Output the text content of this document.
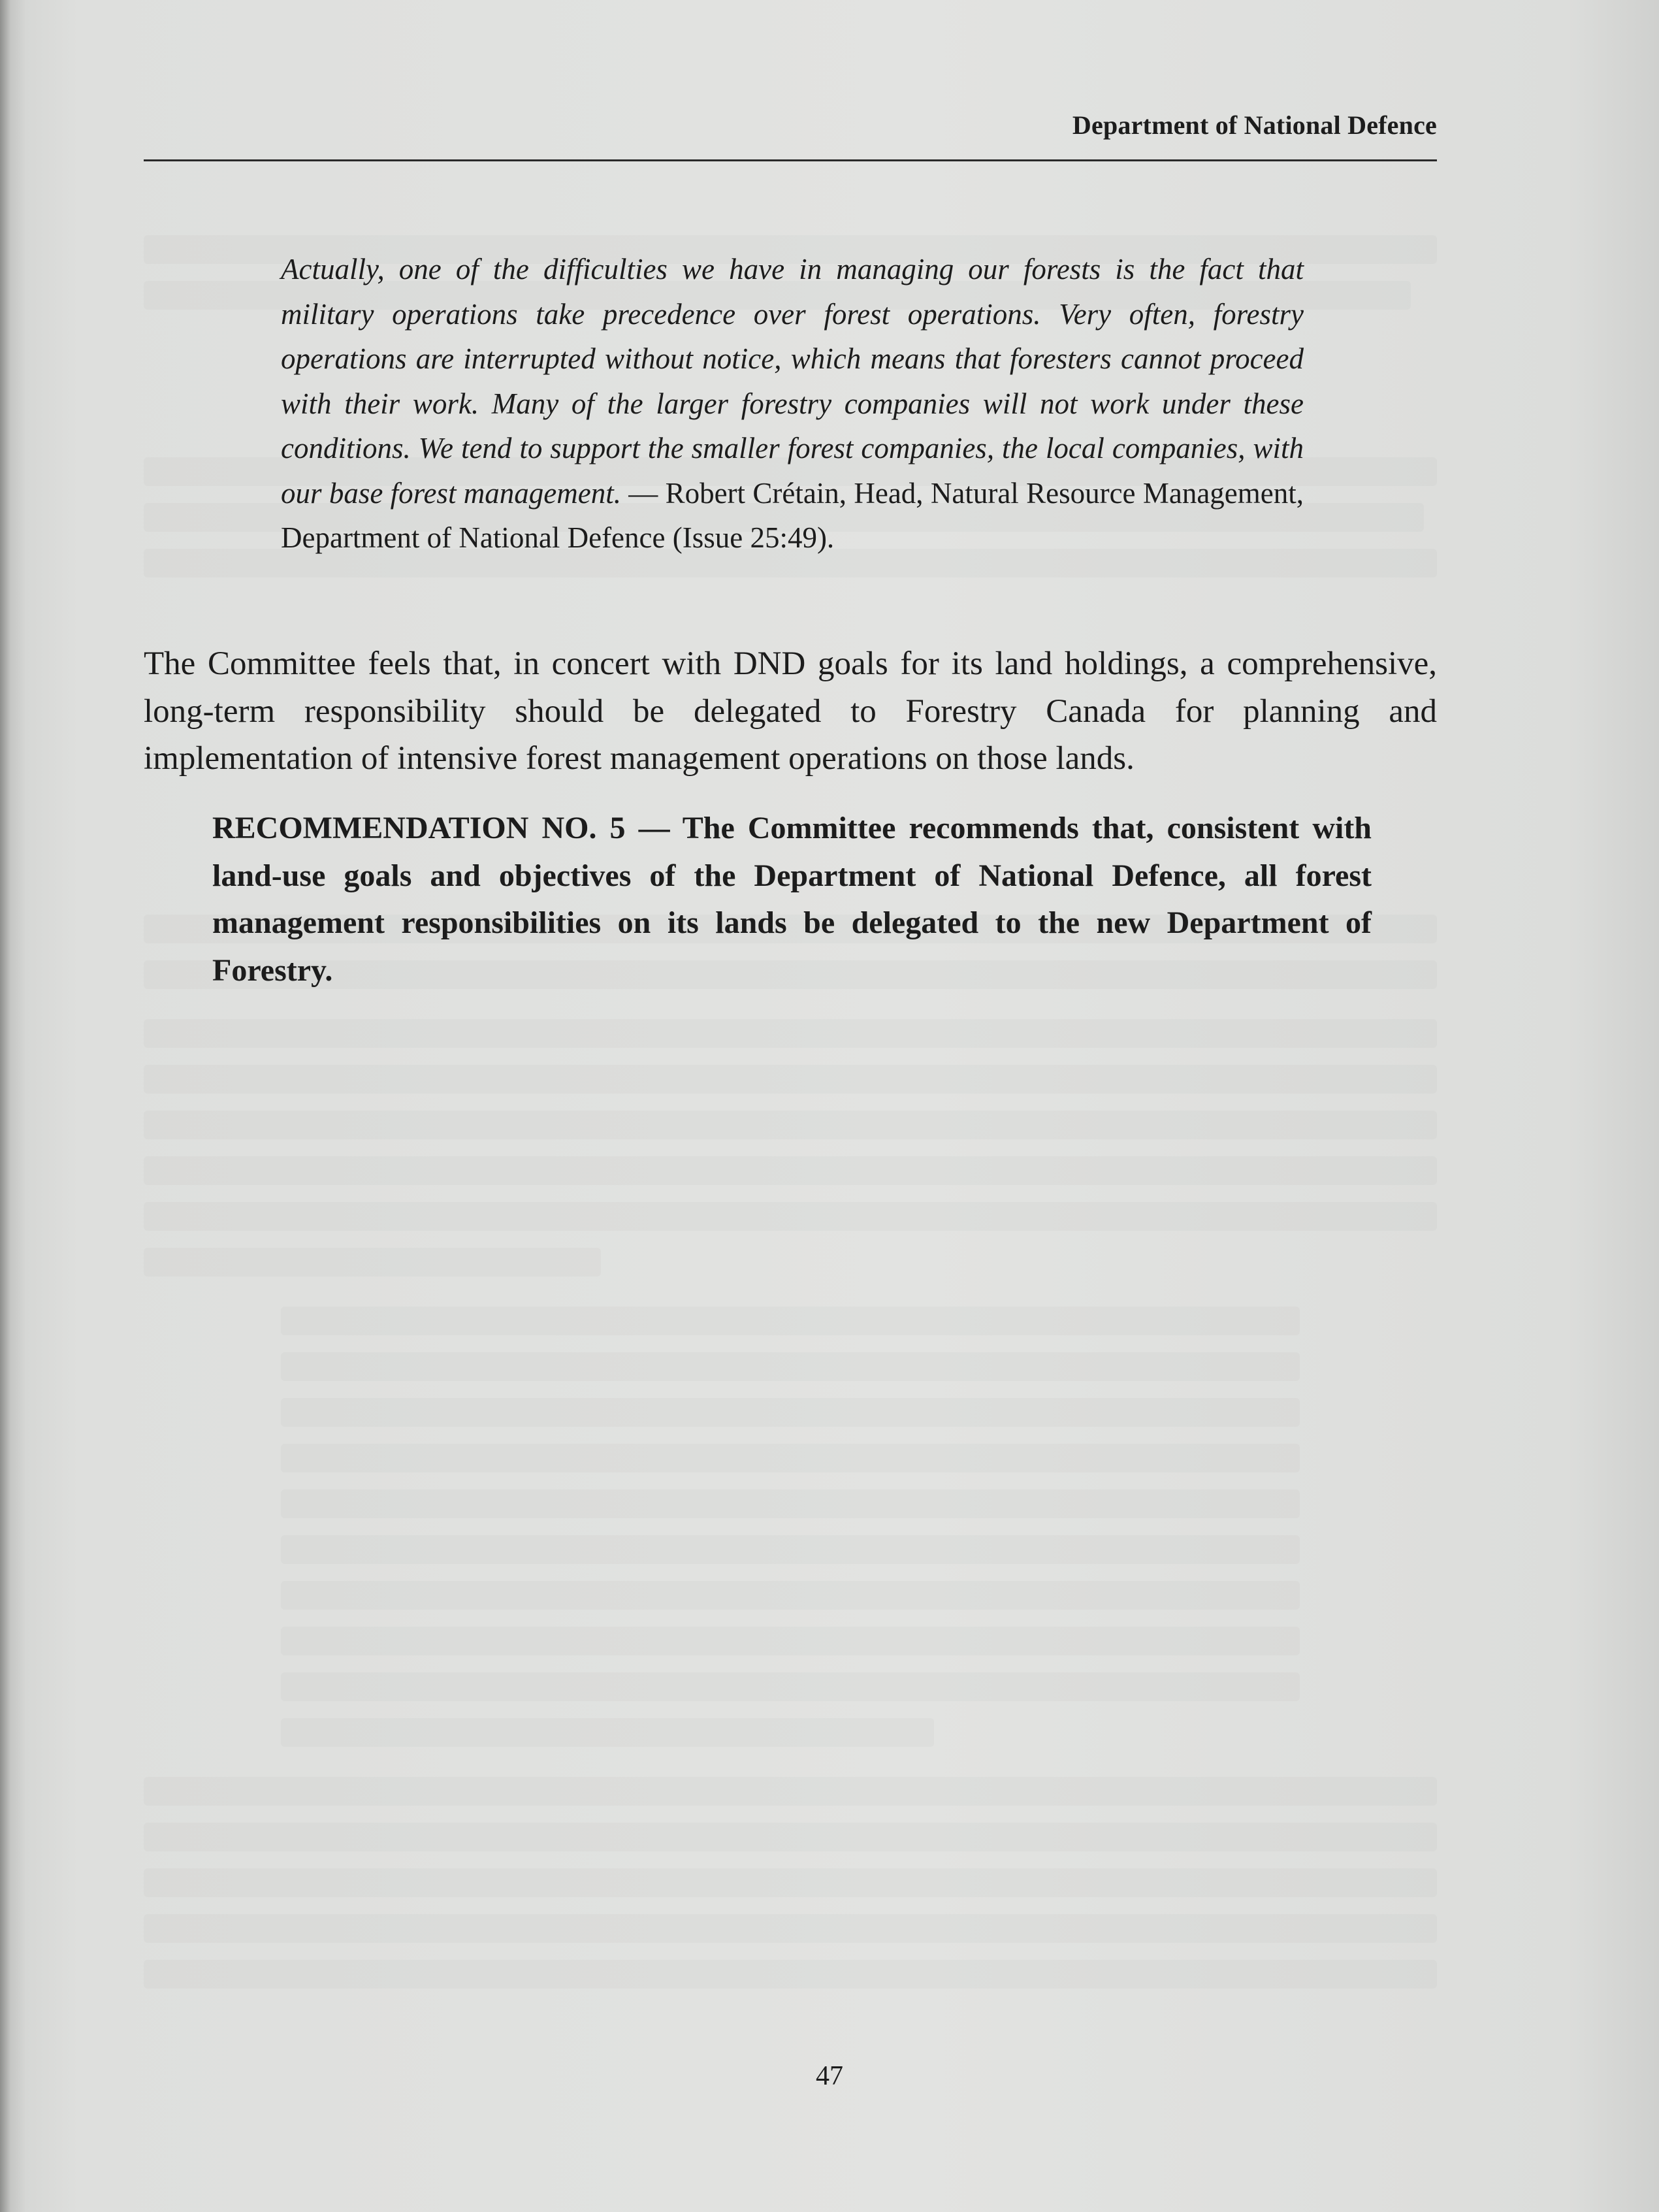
Department of National Defence
Actually, one of the difficulties we have in managing our forests is the fact that military operations take precedence over forest operations. Very often, forestry operations are interrupted without notice, which means that foresters cannot proceed with their work. Many of the larger forestry companies will not work under these conditions. We tend to support the smaller forest companies, the local companies, with our base forest management. — Robert Crétain, Head, Natural Resource Management, Department of National Defence (Issue 25:49).
The Committee feels that, in concert with DND goals for its land holdings, a comprehensive, long-term responsibility should be delegated to Forestry Canada for planning and implementation of intensive forest management operations on those lands.
RECOMMENDATION NO. 5 — The Committee recommends that, consistent with land-use goals and objectives of the Department of National Defence, all forest management responsibilities on its lands be delegated to the new Department of Forestry.
47
